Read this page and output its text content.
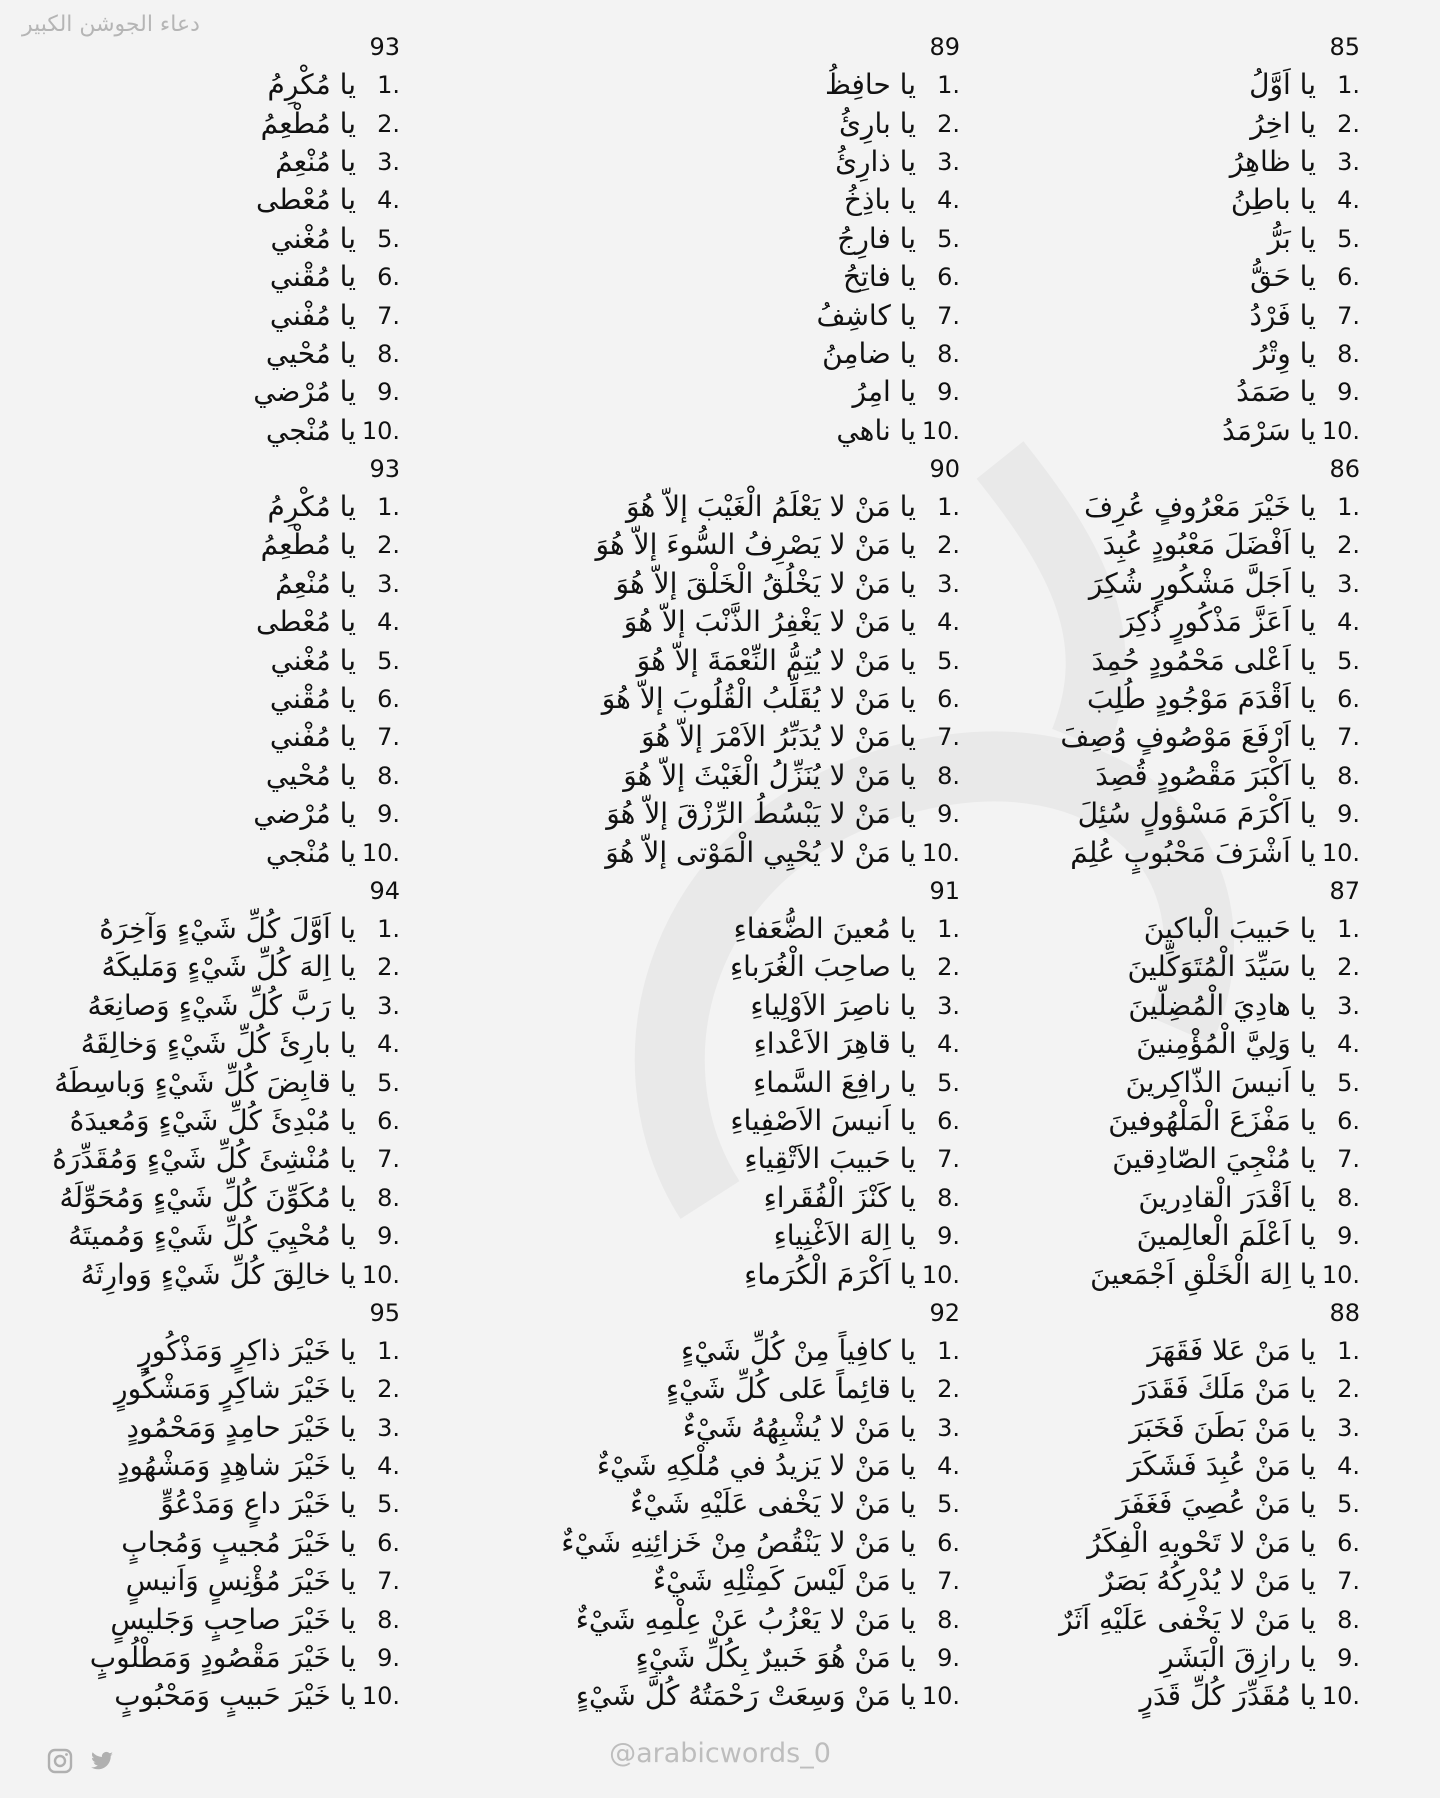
دعاء الجوشن الكبير
85
يا اَوَّلُ 1.
يا اخِرُ 2.
يا ظاهِرُ 3.
يا باطِنُ 4.
يا بَرُّ 5.
يا حَقُّ 6.
يا فَرْدُ 7.
يا وِتْرُ 8.
يا صَمَدُ 9.
يا سَرْمَدُ 10.
86
يا خَيْرَ مَعْرُوفٍ عُرِفَ 1.
يا اَفْضَلَ مَعْبُودٍ عُبِدَ 2.
يا اَجَلَّ مَشْكُورٍ شُكِرَ 3.
يا اَعَزَّ مَذْكُورٍ ذُكِرَ 4.
يا اَعْلى مَحْمُودٍ حُمِدَ 5.
يا اَقْدَمَ مَوْجُودٍ طُلِبَ 6.
يا اَرْفَعَ مَوْصُوفٍ وُصِفَ 7.
يا اَكْبَرَ مَقْصُودٍ قُصِدَ 8.
يا اَكْرَمَ مَسْؤولٍ سُئِلَ 9.
يا اَشْرَفَ مَحْبُوبٍ عُلِمَ 10.
87
يا حَبيبَ الْباكينَ 1.
يا سَيِّدَ الْمُتَوَكِّلينَ 2.
يا هادِيَ الْمُضِلّينَ 3.
يا وَلِيَّ الْمُؤْمِنينَ 4.
يا اَنيسَ الذّاكِرينَ 5.
يا مَفْزَعَ الْمَلْهُوفينَ 6.
يا مُنْجِيَ الصّادِقينَ 7.
يا اَقْدَرَ الْقادِرينَ 8.
يا اَعْلَمَ الْعالِمينَ 9.
يا اِلهَ الْخَلْقِ اَجْمَعينَ 10.
88
يا مَنْ عَلا فَقَهَرَ 1.
يا مَنْ مَلَكَ فَقَدَرَ 2.
يا مَنْ بَطَنَ فَخَبَرَ 3.
يا مَنْ عُبِدَ فَشَكَرَ 4.
يا مَنْ عُصِيَ فَغَفَرَ 5.
يا مَنْ لا تَحْويهِ الْفِكَرُ 6.
يا مَنْ لا يُدْرِكُهُ بَصَرٌ 7.
يا مَنْ لا يَخْفى عَلَيْهِ اَثَرٌ 8.
يا رازِقَ الْبَشَرِ 9.
يا مُقَدِّرَ كُلِّ قَدَرٍ 10.
89
يا حافِظُ 1.
يا بارِئُ 2.
يا ذارِئُ 3.
يا باذِخُ 4.
يا فارِجُ 5.
يا فاتِحُ 6.
يا كاشِفُ 7.
يا ضامِنُ 8.
يا امِرُ 9.
يا ناهي 10.
90
يا مَنْ لا يَعْلَمُ الْغَيْبَ إلاّ هُوَ 1.
يا مَنْ لا يَصْرِفُ السُّوءَ إلاّ هُوَ 2.
يا مَنْ لا يَخْلُقُ الْخَلْقَ إلاّ هُوَ 3.
يا مَنْ لا يَغْفِرُ الذَّنْبَ إلاّ هُوَ 4.
يا مَنْ لا يُتِمُّ النِّعْمَةَ إلاّ هُوَ 5.
يا مَنْ لا يُقَلِّبُ الْقُلُوبَ إلاّ هُوَ 6.
يا مَنْ لا يُدَبِّرُ الاَمْرَ إلاّ هُوَ 7.
يا مَنْ لا يُنَزِّلُ الْغَيْثَ إلاّ هُوَ 8.
يا مَنْ لا يَبْسُطُ الرِّزْقَ إلاّ هُوَ 9.
يا مَنْ لا يُحْيِي الْمَوْتى إلاّ هُوَ 10.
91
يا مُعينَ الضُّعَفاءِ 1.
يا صاحِبَ الْغُرَباءِ 2.
يا ناصِرَ الاَوْلِياءِ 3.
يا قاهِرَ الاَعْداءِ 4.
يا رافِعَ السَّماءِ 5.
يا اَنيسَ الاَصْفِياءِ 6.
يا حَبيبَ الاَتْقِياءِ 7.
يا كَنْزَ الْفُقَراءِ 8.
يا اِلهَ الاَغْنِياءِ 9.
يا اَكْرَمَ الْكُرَماءِ 10.
92
يا كافِياً مِنْ كُلِّ شَيْءٍ 1.
يا قائِماً عَلى كُلِّ شَيْءٍ 2.
يا مَنْ لا يُشْبِهُهُ شَيْءٌ 3.
يا مَنْ لا يَزيدُ في مُلْكِهِ شَيْءٌ 4.
يا مَنْ لا يَخْفى عَلَيْهِ شَيْءٌ 5.
يا مَنْ لا يَنْقُصُ مِنْ خَزائِنِهِ شَيْءٌ 6.
يا مَنْ لَيْسَ كَمِثْلِهِ شَيْءٌ 7.
يا مَنْ لا يَعْزُبُ عَنْ عِلْمِهِ شَيْءٌ 8.
يا مَنْ هُوَ خَبيرٌ بِكُلِّ شَيْءٍ 9.
يا مَنْ وَسِعَتْ رَحْمَتُهُ كُلَّ شَيْءٍ 10.
93
يا مُكْرِمُ 1.
يا مُطْعِمُ 2.
يا مُنْعِمُ 3.
يا مُعْطى 4.
يا مُغْني 5.
يا مُقْني 6.
يا مُفْني 7.
يا مُحْيي 8.
يا مُرْضي 9.
يا مُنْجي 10.
93
يا مُكْرِمُ 1.
يا مُطْعِمُ 2.
يا مُنْعِمُ 3.
يا مُعْطى 4.
يا مُغْني 5.
يا مُقْني 6.
يا مُفْني 7.
يا مُحْيي 8.
يا مُرْضي 9.
يا مُنْجي 10.
94
يا اَوَّلَ كُلِّ شَيْءٍ وَآخِرَهُ 1.
يا اِلهَ كُلِّ شَيْءٍ وَمَليكَهُ 2.
يا رَبَّ كُلِّ شَيْءٍ وَصانِعَهُ 3.
يا بارِئَ كُلِّ شَيْءٍ وَخالِقَهُ 4.
يا قابِضَ كُلِّ شَيْءٍ وَباسِطَهُ 5.
يا مُبْدِئَ كُلِّ شَيْءٍ وَمُعيدَهُ 6.
يا مُنْشِئَ كُلِّ شَيْءٍ وَمُقَدِّرَهُ 7.
يا مُكَوِّنَ كُلِّ شَيْءٍ وَمُحَوِّلَهُ 8.
يا مُحْيِيَ كُلِّ شَيْءٍ وَمُميتَهُ 9.
يا خالِقَ كُلِّ شَيْءٍ وَوارِثَهُ 10.
95
يا خَيْرَ ذاكِرٍ وَمَذْكُورٍ 1.
يا خَيْرَ شاكِرٍ وَمَشْكُورٍ 2.
يا خَيْرَ حامِدٍ وَمَحْمُودٍ 3.
يا خَيْرَ شاهِدٍ وَمَشْهُودٍ 4.
يا خَيْرَ داعٍ وَمَدْعُوٍّ 5.
يا خَيْرَ مُجيبٍ وَمُجابٍ 6.
يا خَيْرَ مُؤْنِسٍ وَاَنيسٍ 7.
يا خَيْرَ صاحِبٍ وَجَليسٍ 8.
يا خَيْرَ مَقْصُودٍ وَمَطْلُوبٍ 9.
يا خَيْرَ حَبيبٍ وَمَحْبُوبٍ 10.
@arabicwords_0
